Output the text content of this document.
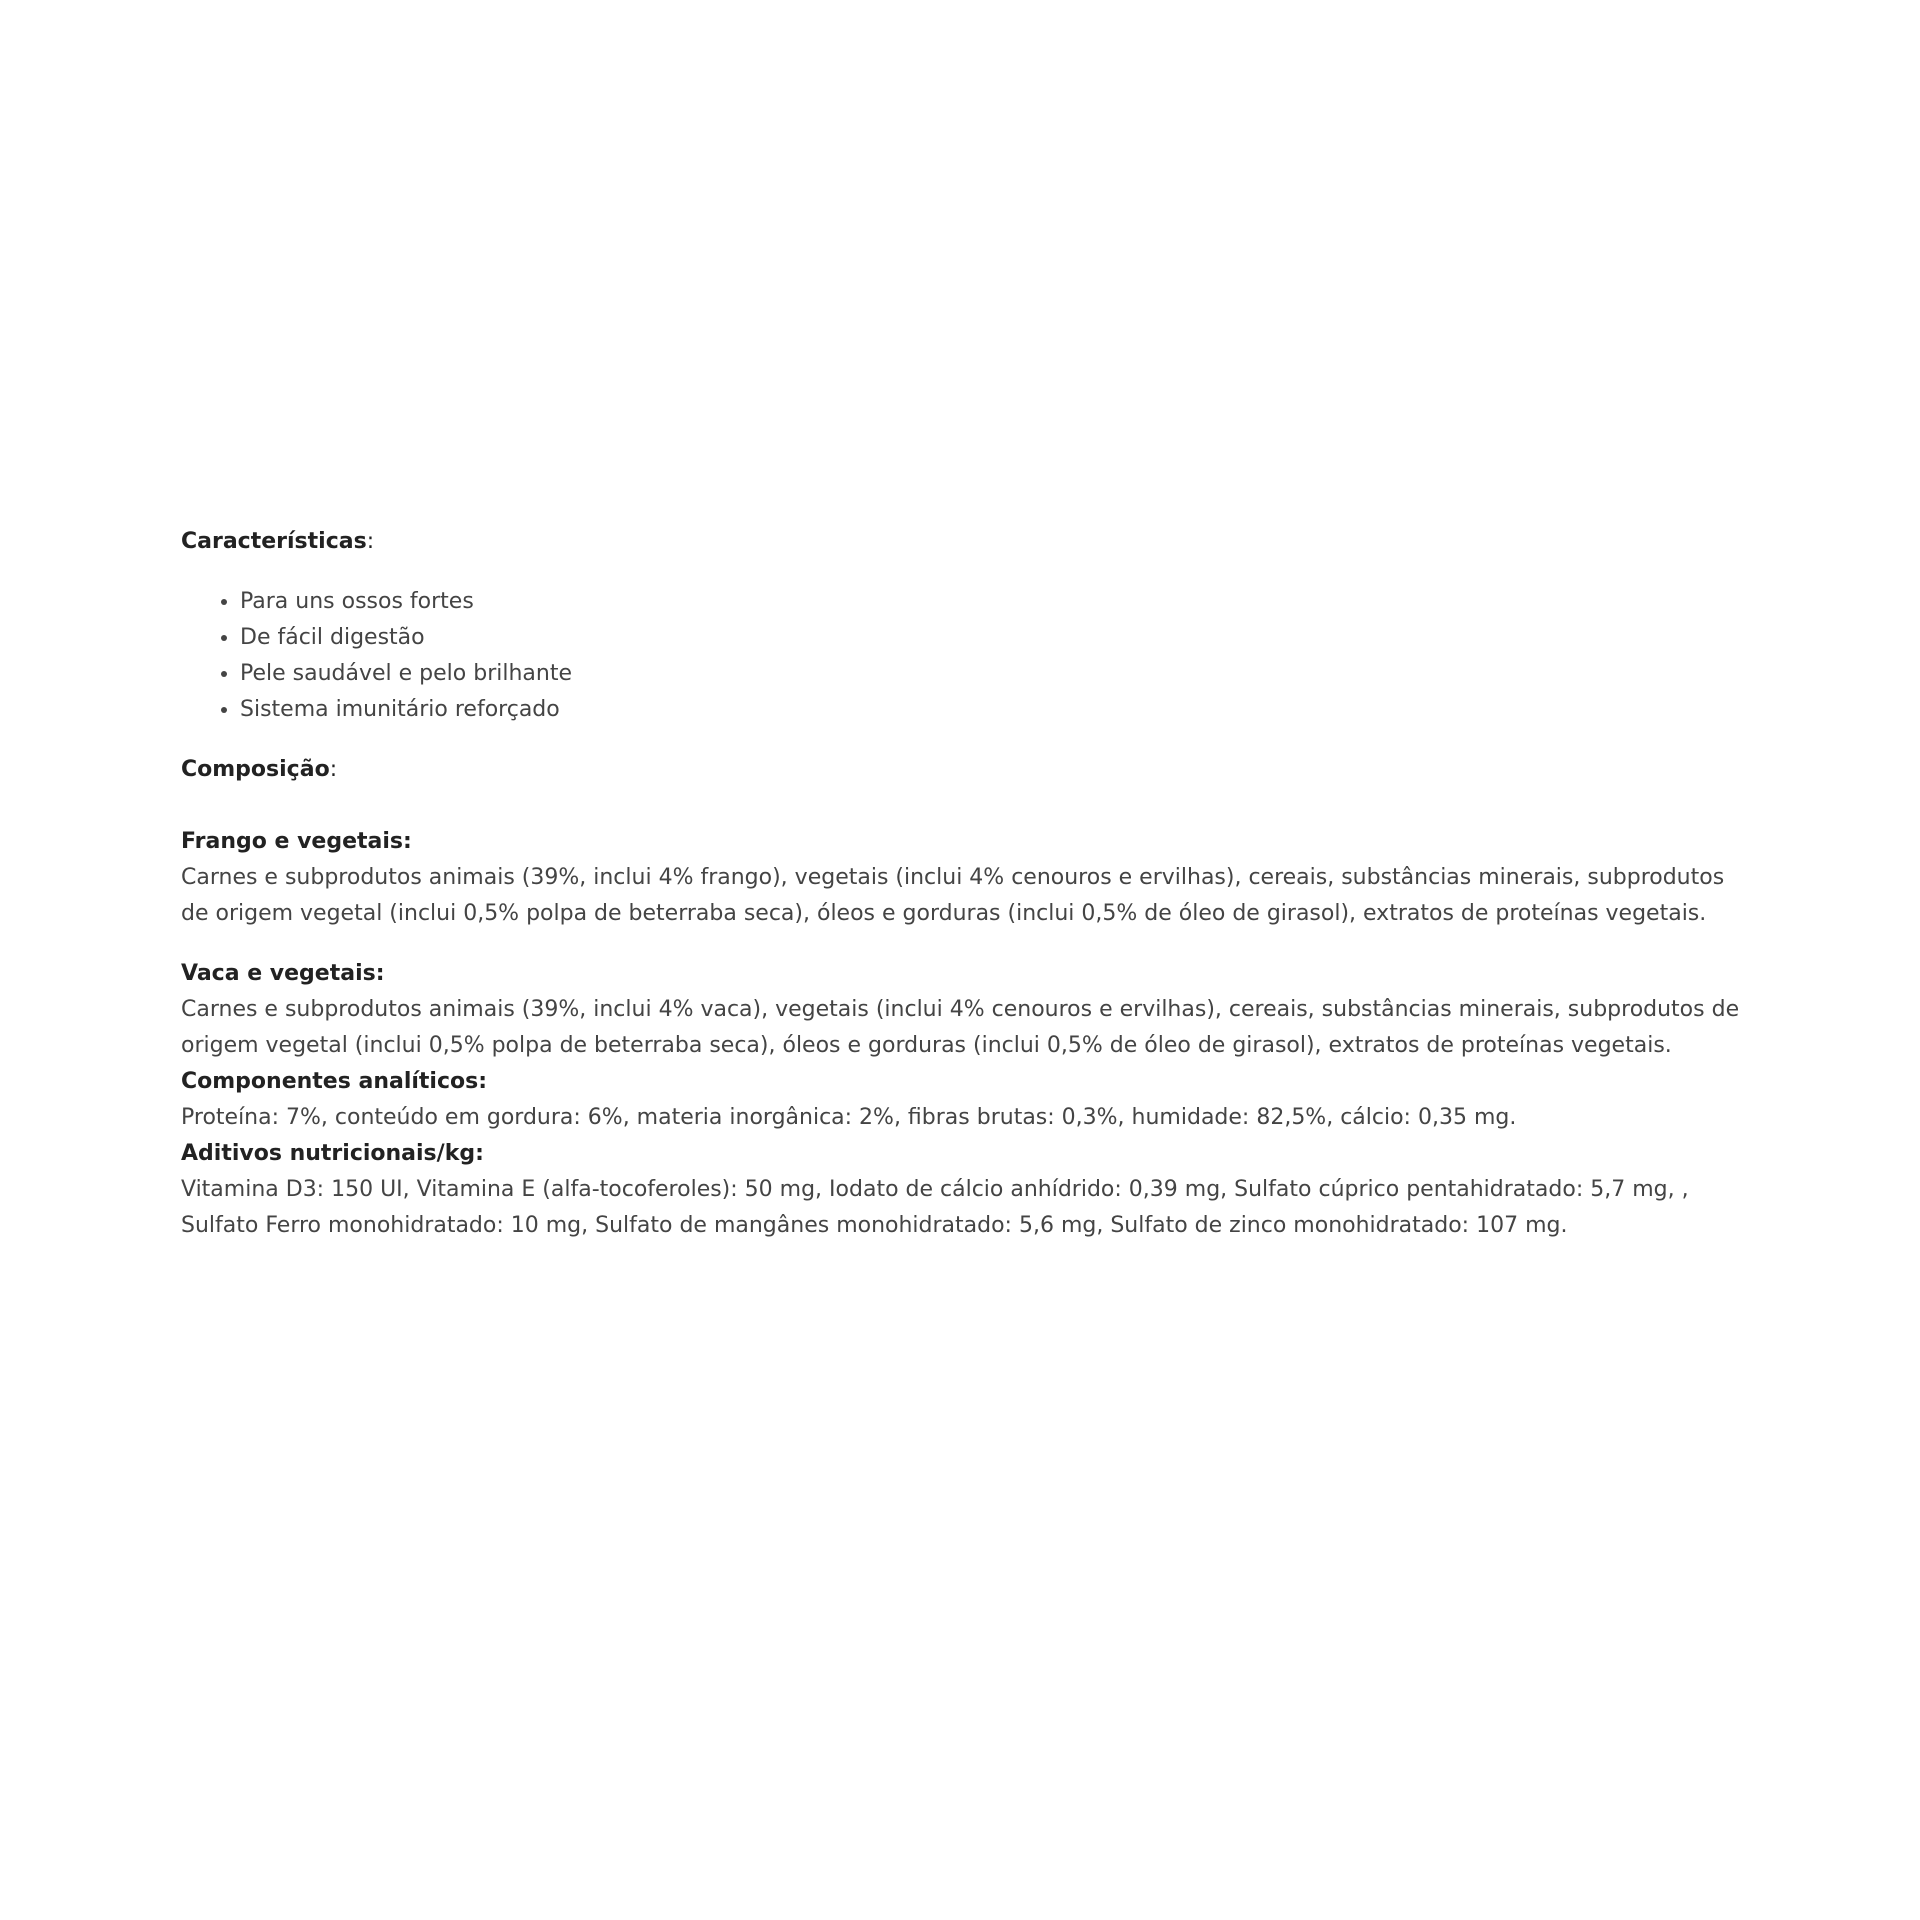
Características:

• Para uns ossos fortes
• De fácil digestão
• Pele saudável e pelo brilhante
• Sistema imunitário reforçado

Composição:

Frango e vegetais:

Carnes e subprodutos animais (39%, inclui 4% frango), vegetais (inclui 4% cenouros e ervilhas), cereais, substâncias minerais, subprodutos de origem vegetal (inclui 0,5% polpa de beterraba seca), óleos e gorduras (inclui 0,5% de óleo de girasol), extratos de proteínas vegetais.

Vaca e vegetais:

Carnes e subprodutos animais (39%, inclui 4% vaca), vegetais (inclui 4% cenouros e ervilhas), cereais, substâncias minerais, subprodutos de origem vegetal (inclui 0,5% polpa de beterraba seca), óleos e gorduras (inclui 0,5% de óleo de girasol), extratos de proteínas vegetais.

Componentes analíticos:

Proteína: 7%, conteúdo em gordura: 6%, materia inorgânica: 2%, fibras brutas: 0,3%, humidade: 82,5%, cálcio: 0,35 mg.

Aditivos nutricionais/kg:

Vitamina D3: 150 UI, Vitamina E (alfa-tocoferoles): 50 mg, Iodato de cálcio anhídrido: 0,39 mg, Sulfato cúprico pentahidratado: 5,7 mg, , Sulfato Ferro monohidratado: 10 mg, Sulfato de mangânes monohidratado: 5,6 mg, Sulfato de zinco monohidratado: 107 mg.
